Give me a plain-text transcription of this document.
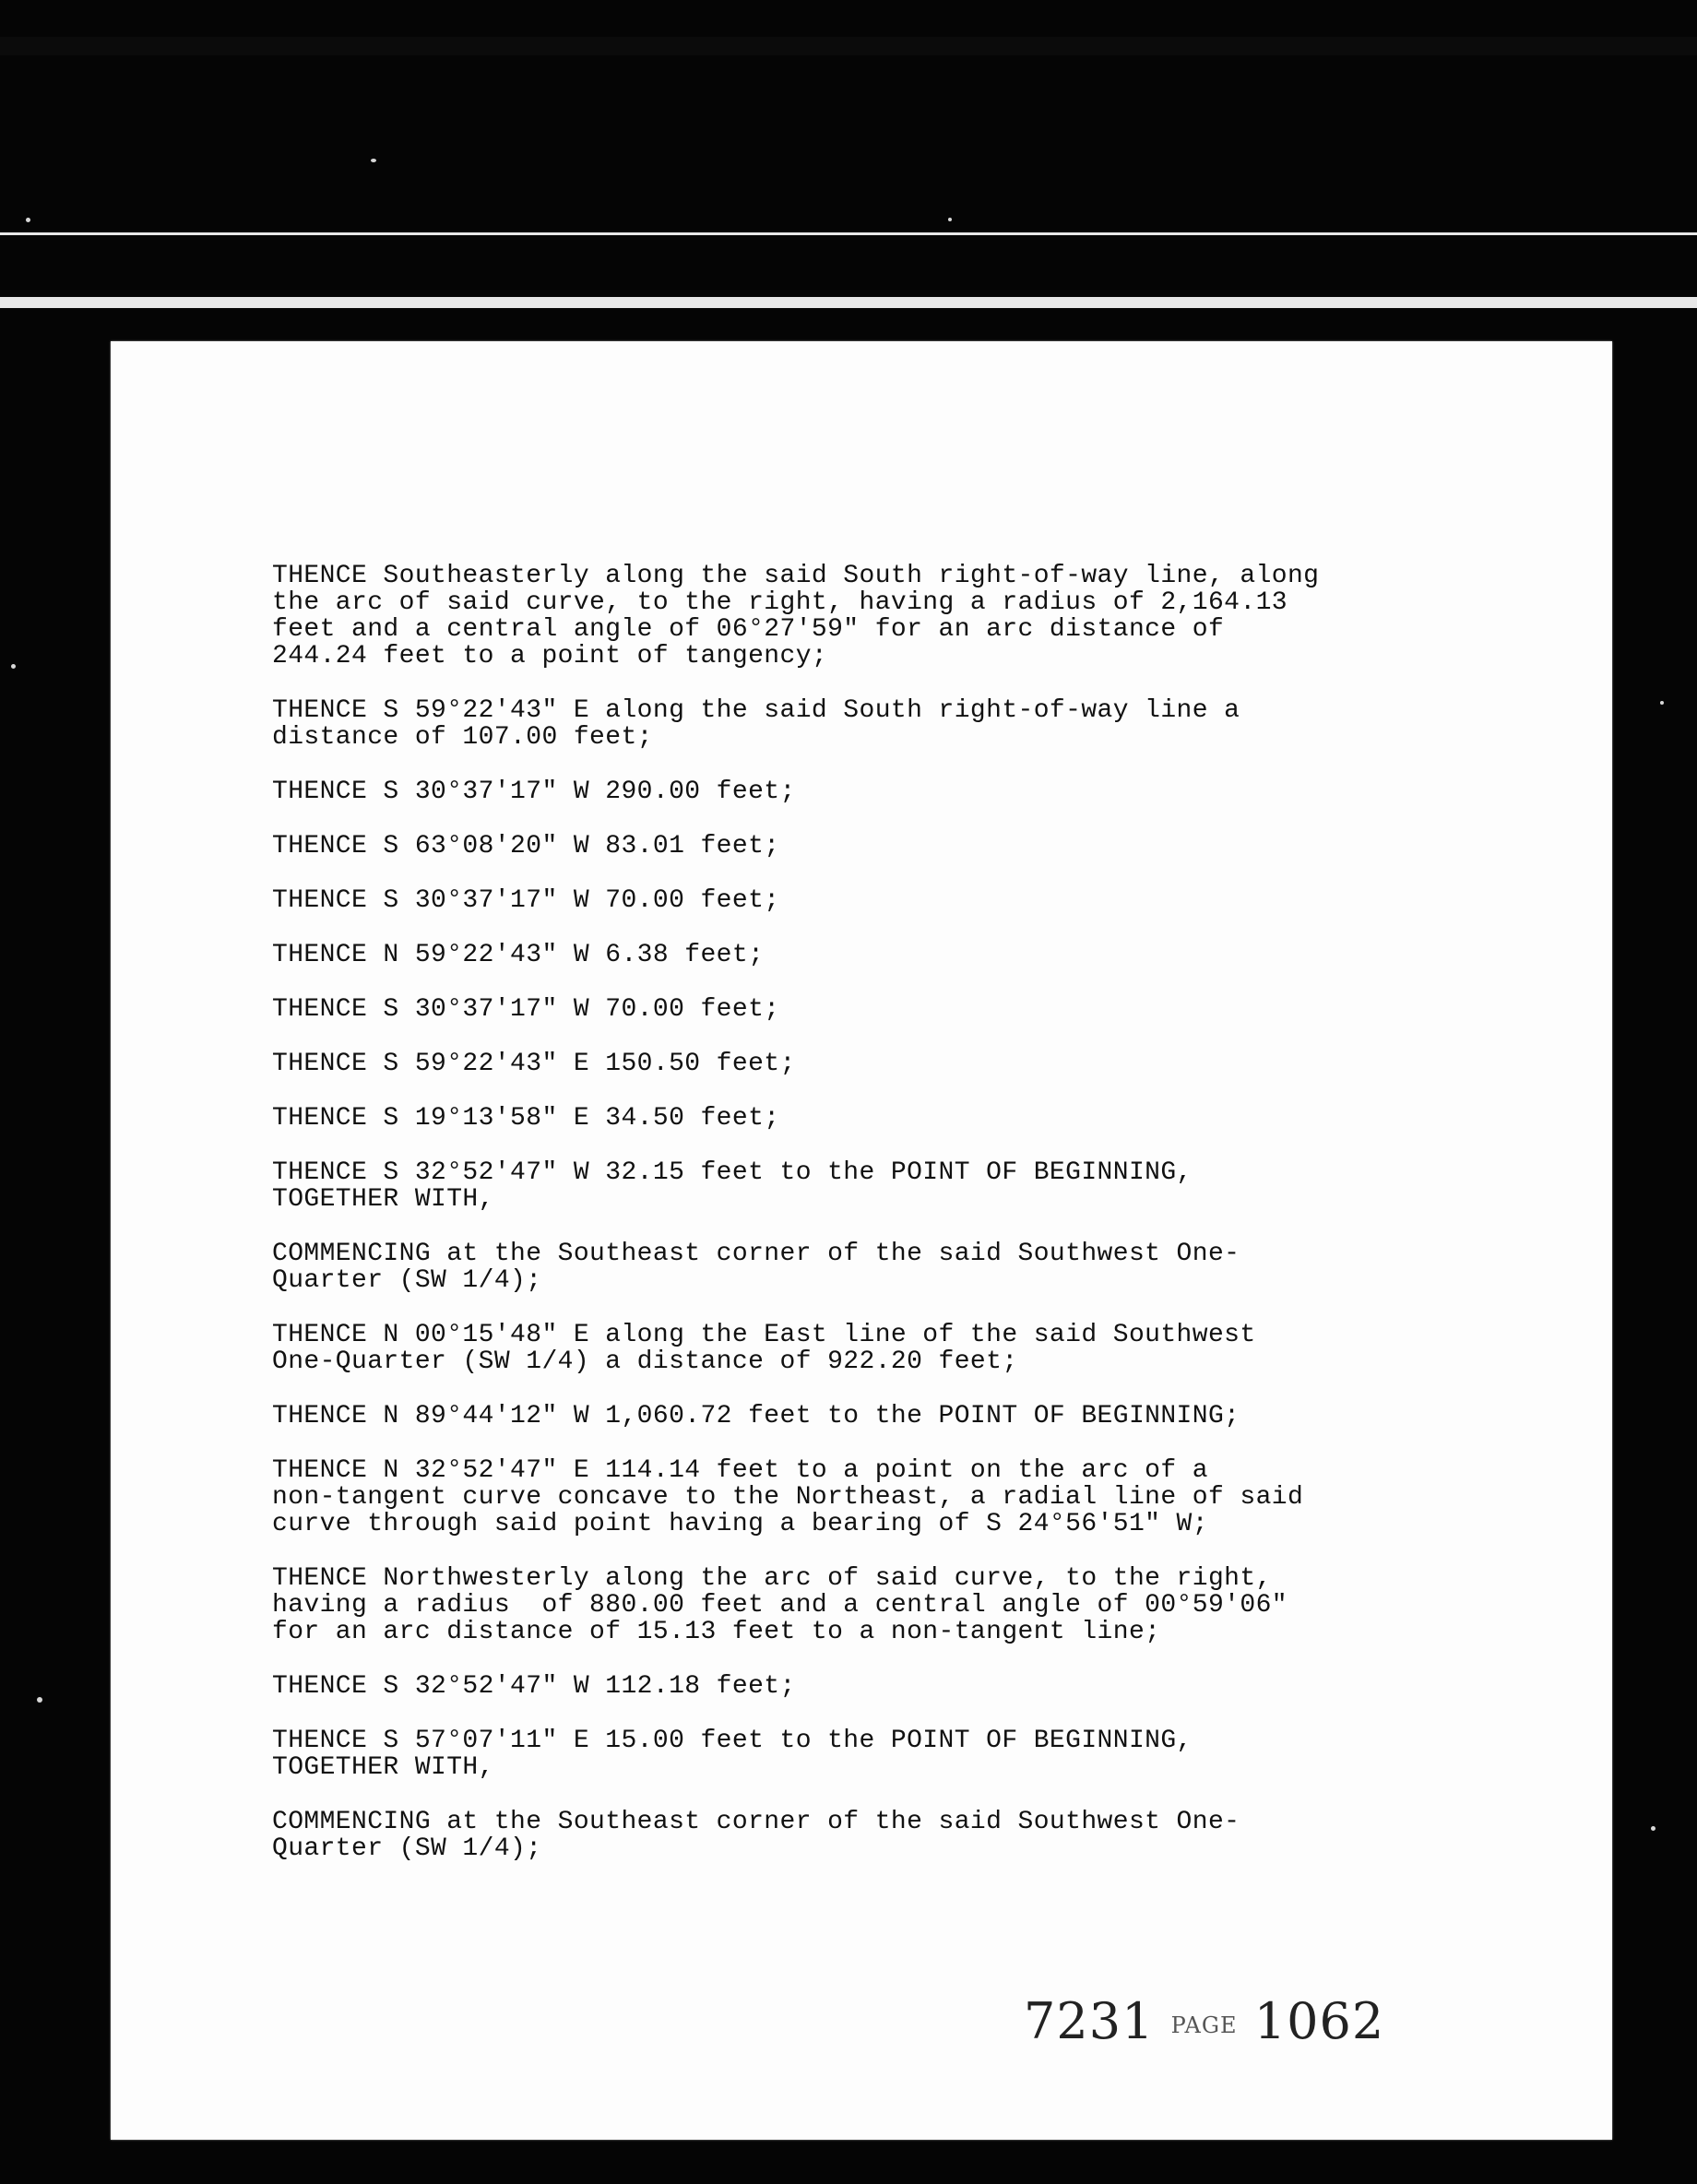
THENCE Southeasterly along the said South right-of-way line, along
the arc of said curve, to the right, having a radius of 2,164.13
feet and a central angle of 06°27'59" for an arc distance of
244.24 feet to a point of tangency;

THENCE S 59°22'43" E along the said South right-of-way line a
distance of 107.00 feet;

THENCE S 30°37'17" W 290.00 feet;

THENCE S 63°08'20" W 83.01 feet;

THENCE S 30°37'17" W 70.00 feet;

THENCE N 59°22'43" W 6.38 feet;

THENCE S 30°37'17" W 70.00 feet;

THENCE S 59°22'43" E 150.50 feet;

THENCE S 19°13'58" E 34.50 feet;

THENCE S 32°52'47" W 32.15 feet to the POINT OF BEGINNING,
TOGETHER WITH,

COMMENCING at the Southeast corner of the said Southwest One-
Quarter (SW 1/4);

THENCE N 00°15'48" E along the East line of the said Southwest
One-Quarter (SW 1/4) a distance of 922.20 feet;

THENCE N 89°44'12" W 1,060.72 feet to the POINT OF BEGINNING;

THENCE N 32°52'47" E 114.14 feet to a point on the arc of a
non-tangent curve concave to the Northeast, a radial line of said
curve through said point having a bearing of S 24°56'51" W;

THENCE Northwesterly along the arc of said curve, to the right,
having a radius  of 880.00 feet and a central angle of 00°59'06"
for an arc distance of 15.13 feet to a non-tangent line;

THENCE S 32°52'47" W 112.18 feet;

THENCE S 57°07'11" E 15.00 feet to the POINT OF BEGINNING,
TOGETHER WITH,

COMMENCING at the Southeast corner of the said Southwest One-
Quarter (SW 1/4);

7231 PAGE 1062
